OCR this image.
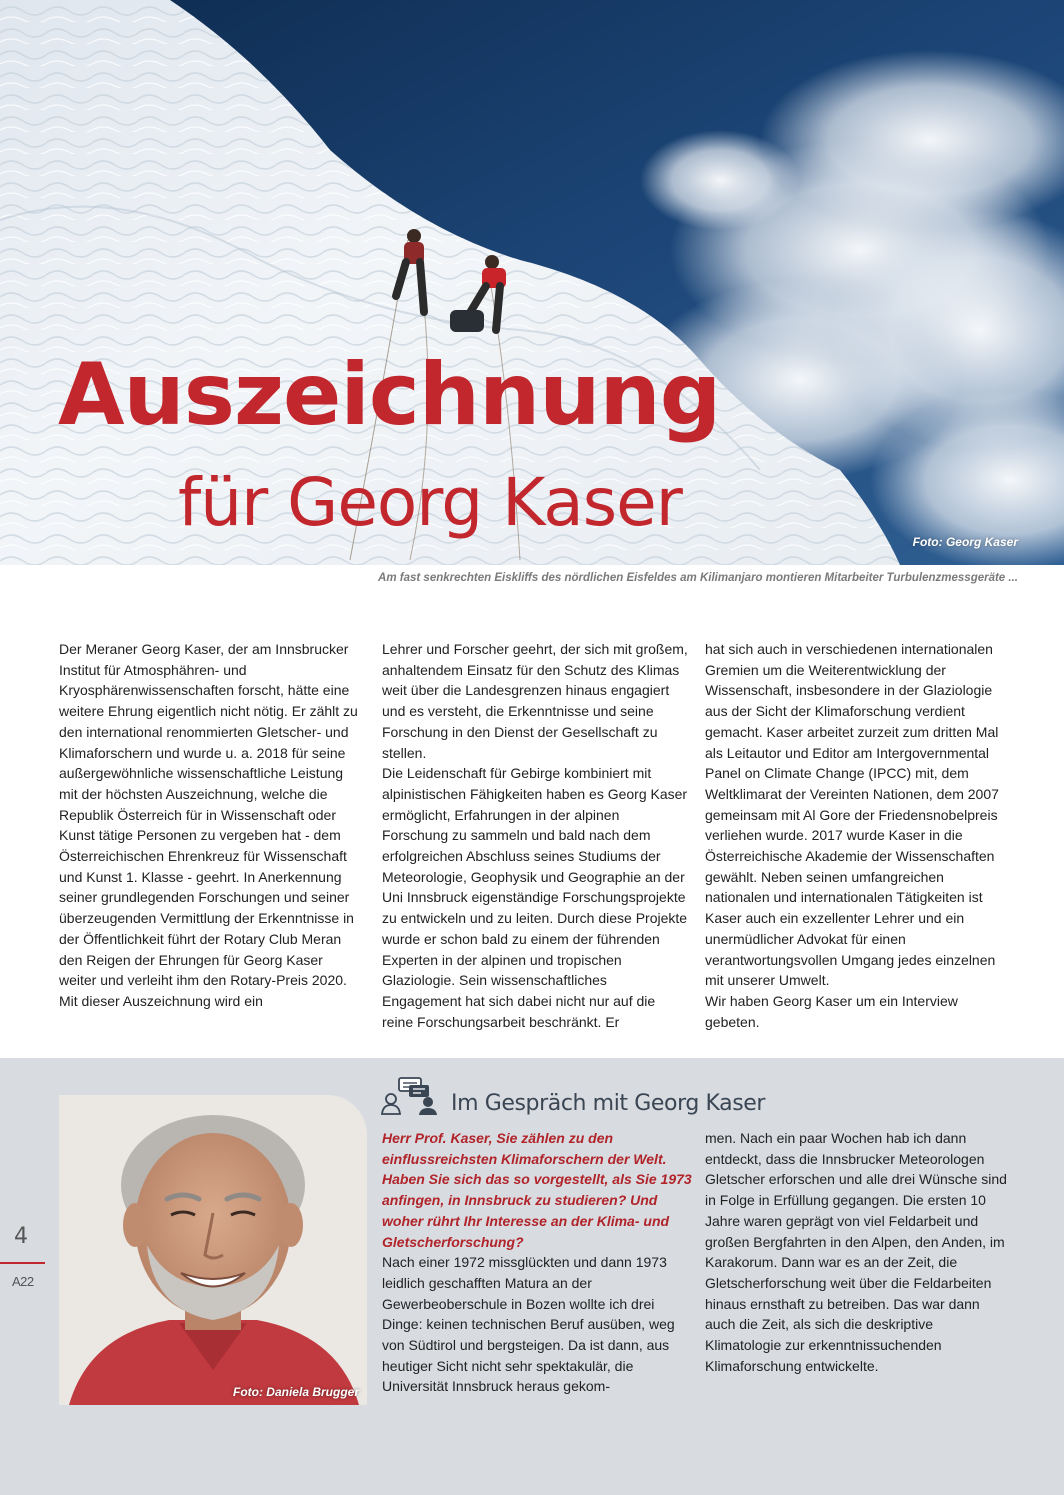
Auszeichnung
für Georg Kaser
Foto: Georg Kaser
Am fast senkrechten Eiskliffs des nördlichen Eisfeldes am Kilimanjaro montieren Mitarbeiter Turbulenzmessgeräte ...

Der Meraner Georg Kaser, der am Innsbrucker Institut für Atmosphähren- und Kryosphärenwissenschaften forscht, hätte eine weitere Ehrung eigentlich nicht nötig. Er zählt zu den international renommierten Gletscher- und Klimaforschern und wurde u. a. 2018 für seine außergewöhnliche wissenschaftliche Leistung mit der höchsten Auszeichnung, welche die Republik Österreich für in Wissenschaft oder Kunst tätige Personen zu vergeben hat - dem Österreichischen Ehrenkreuz für Wissenschaft und Kunst 1. Klasse - geehrt. In Anerkennung seiner grundlegenden Forschungen und seiner überzeugenden Vermittlung der Erkenntnisse in der Öffentlichkeit führt der Rotary Club Meran den Reigen der Ehrungen für Georg Kaser weiter und verleiht ihm den Rotary-Preis 2020. Mit dieser Auszeichnung wird ein

Lehrer und Forscher geehrt, der sich mit großem, anhaltendem Einsatz für den Schutz des Klimas weit über die Landesgrenzen hinaus engagiert und es versteht, die Erkenntnisse und seine Forschung in den Dienst der Gesellschaft zu stellen.

Die Leidenschaft für Gebirge kombiniert mit alpinistischen Fähigkeiten haben es Georg Kaser ermöglicht, Erfahrungen in der alpinen Forschung zu sammeln und bald nach dem erfolgreichen Abschluss seines Studiums der Meteorologie, Geophysik und Geographie an der Uni Innsbruck eigenständige Forschungsprojekte zu entwickeln und zu leiten. Durch diese Projekte wurde er schon bald zu einem der führenden Experten in der alpinen und tropischen Glaziologie. Sein wissenschaftliches Engagement hat sich dabei nicht nur auf die reine Forschungsarbeit beschränkt. Er

hat sich auch in verschiedenen internationalen Gremien um die Weiterentwicklung der Wissenschaft, insbesondere in der Glaziologie aus der Sicht der Klimaforschung verdient gemacht. Kaser arbeitet zurzeit zum dritten Mal als Leitautor und Editor am Intergovernmental Panel on Climate Change (IPCC) mit, dem Weltklimarat der Vereinten Nationen, dem 2007 gemeinsam mit Al Gore der Friedensnobelpreis verliehen wurde. 2017 wurde Kaser in die Österreichische Akademie der Wissenschaften gewählt. Neben seinen umfangreichen nationalen und internationalen Tätigkeiten ist Kaser auch ein exzellenter Lehrer und ein unermüdlicher Advokat für einen verantwortungsvollen Umgang jedes einzelnen mit unserer Umwelt.

Wir haben Georg Kaser um ein Interview gebeten.

Foto: Daniela Brugger
4
A22
Im Gespräch mit Georg Kaser

Herr Prof. Kaser, Sie zählen zu den einflussreichsten Klimaforschern der Welt. Haben Sie sich das so vorgestellt, als Sie 1973 anfingen, in Innsbruck zu studieren? Und woher rührt Ihr Interesse an der Klima- und Gletscherforschung?

Nach einer 1972 missglückten und dann 1973 leidlich geschafften Matura an der Gewerbeoberschule in Bozen wollte ich drei Dinge: keinen technischen Beruf ausüben, weg von Südtirol und bergsteigen. Da ist dann, aus heutiger Sicht nicht sehr spektakulär, die Universität Innsbruck heraus gekom-

men. Nach ein paar Wochen hab ich dann entdeckt, dass die Innsbrucker Meteorologen Gletscher erforschen und alle drei Wünsche sind in Folge in Erfüllung gegangen. Die ersten 10 Jahre waren geprägt von viel Feldarbeit und großen Bergfahrten in den Alpen, den Anden, im Karakorum. Dann war es an der Zeit, die Gletscherforschung weit über die Feldarbeiten hinaus ernsthaft zu betreiben. Das war dann auch die Zeit, als sich die deskriptive Klimatologie zur erkenntnissuchenden Klimaforschung entwickelte.
